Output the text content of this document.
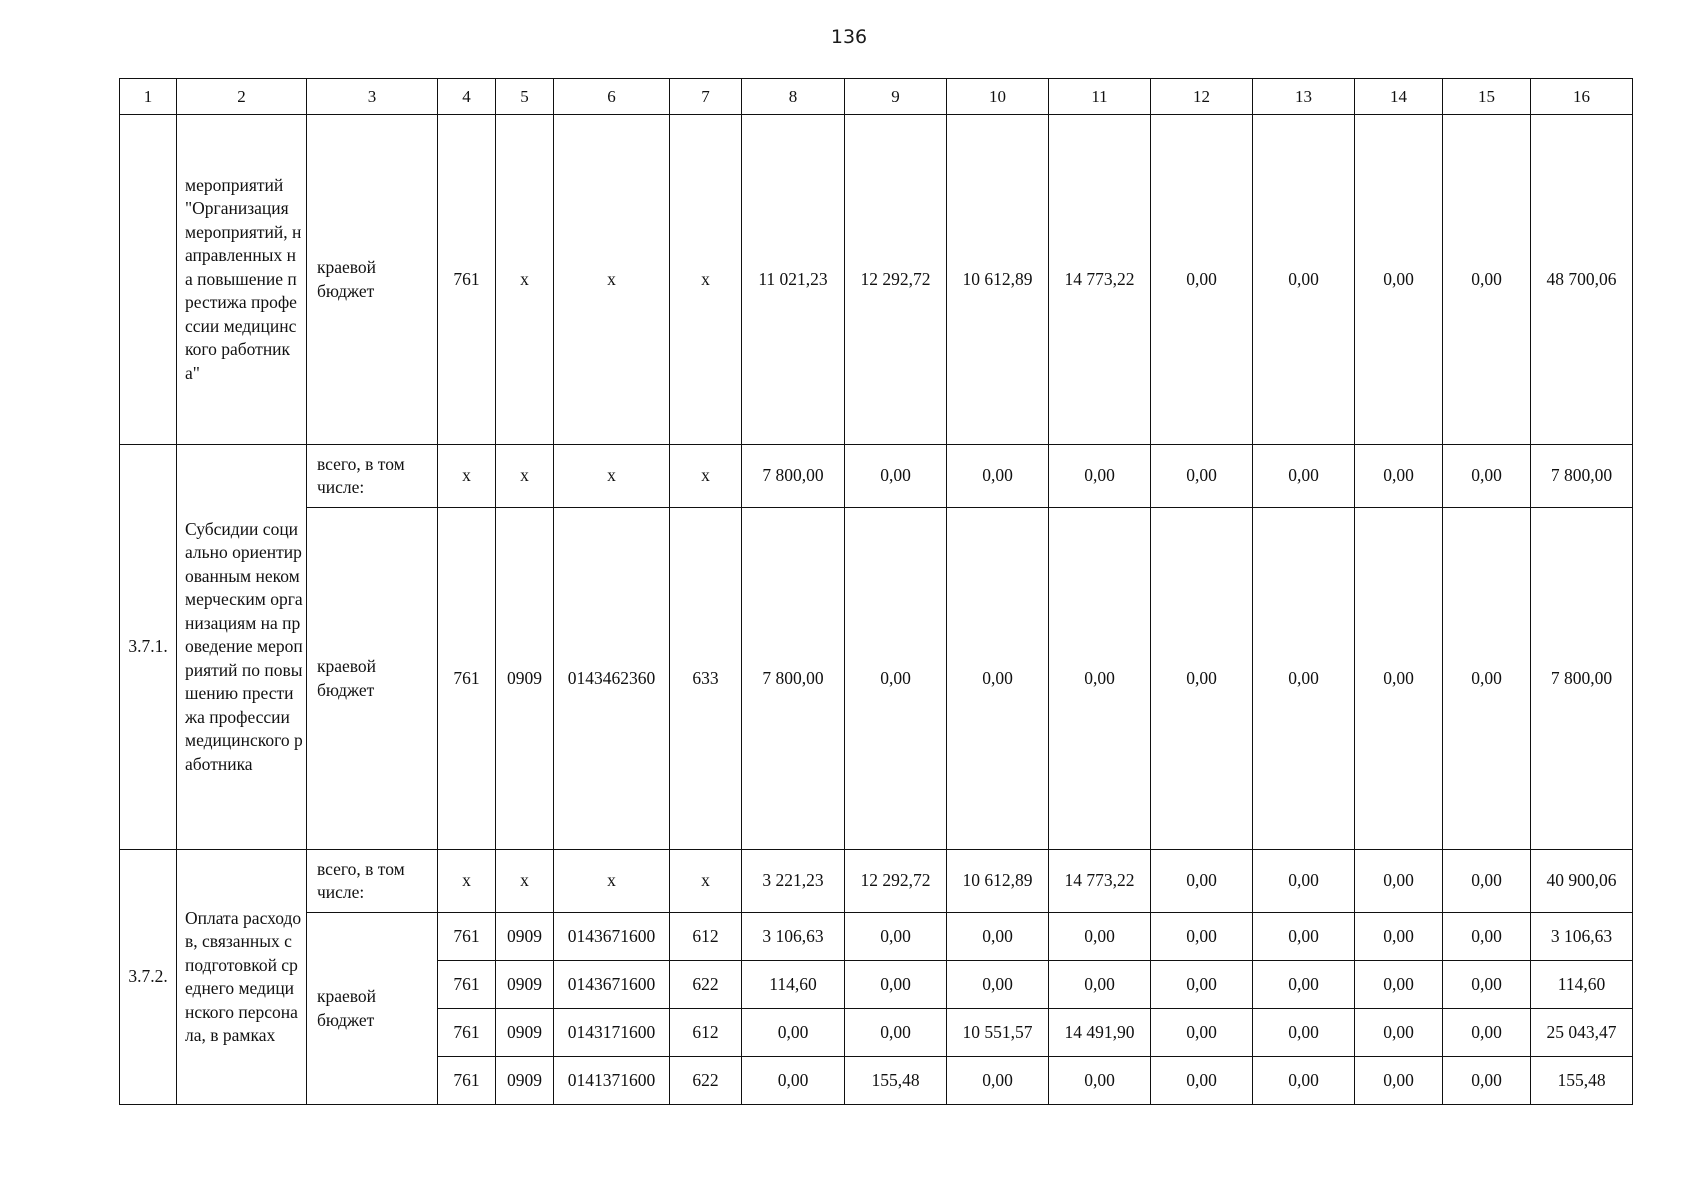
136
1	2	3	4	5	6	7	8	9	10	11	12	13	14	15	16
	мероприятий "Организация мероприятий, направленных на повышение престижа профессии медицинского работника"	краевой бюджет	761	x	x	x	11 021,23	12 292,72	10 612,89	14 773,22	0,00	0,00	0,00	0,00	48 700,06
3.7.1.	Субсидии социально ориентированным некоммерческим организациям на проведение мероприятий по повышению престижа профессии медицинского работника	всего, в том числе:	x	x	x	x	7 800,00	0,00	0,00	0,00	0,00	0,00	0,00	0,00	7 800,00
		краевой бюджет	761	0909	0143462360	633	7 800,00	0,00	0,00	0,00	0,00	0,00	0,00	0,00	7 800,00
3.7.2.	Оплата расходов, связанных с подготовкой среднего медицинского персонала, в рамках	всего, в том числе:	x	x	x	x	3 221,23	12 292,72	10 612,89	14 773,22	0,00	0,00	0,00	0,00	40 900,06
		краевой бюджет	761	0909	0143671600	612	3 106,63	0,00	0,00	0,00	0,00	0,00	0,00	0,00	3 106,63
			761	0909	0143671600	622	114,60	0,00	0,00	0,00	0,00	0,00	0,00	0,00	114,60
			761	0909	0143171600	612	0,00	0,00	10 551,57	14 491,90	0,00	0,00	0,00	0,00	25 043,47
			761	0909	0141371600	622	0,00	155,48	0,00	0,00	0,00	0,00	0,00	0,00	155,48
